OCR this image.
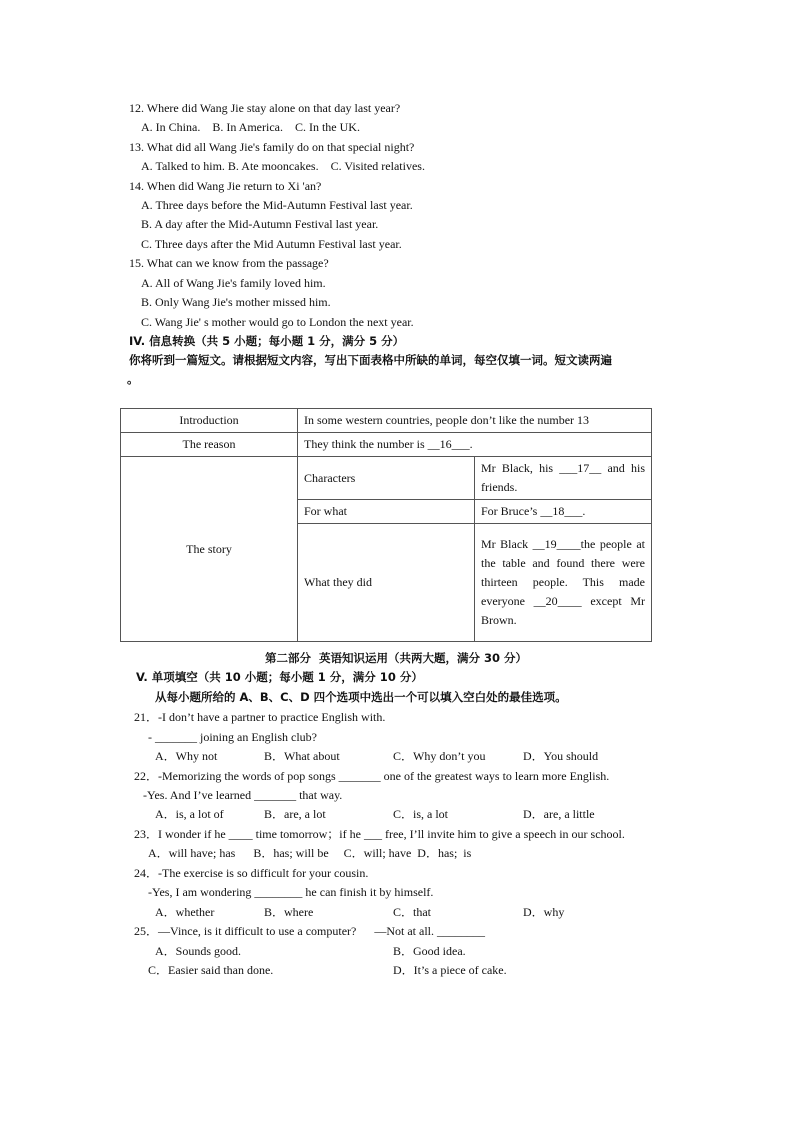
12. Where did Wang Jie stay alone on that day last year?
A. In China.    B. In America.    C. In the UK.
13. What did all Wang Jie's family do on that special night?
A. Talked to him. B. Ate mooncakes.    C. Visited relatives.
14. When did Wang Jie return to Xi 'an?
A. Three days before the Mid-Autumn Festival last year.
B. A day after the Mid-Autumn Festival last year.
C. Three days after the Mid Autumn Festival last year.
15. What can we know from the passage?
A. All of Wang Jie's family loved him.
B. Only Wang Jie's mother missed him.
C. Wang Jie' s mother would go to London the next year.
IV. 信息转换（共 5 小题；每小题 1 分，满分 5 分）
你将听到一篇短文。请根据短文内容，写出下面表格中所缺的单词，每空仅填一词。短文读两遍
。
Introduction	In some western countries, people don’t like the number 13	
The reason	They think the number is __16___.	
The story	Characters	Mr Black, his ___17__ and his friends.
	For what	For Bruce’s __18___.
	What they did	Mr Black __19____the people at the table and found there were thirteen people. This made everyone __20____ except Mr Brown.
第二部分  英语知识运用（共两大题，满分 30 分）
V. 单项填空（共 10 小题；每小题 1 分，满分 10 分）
从每小题所给的 A、B、C、D 四个选项中选出一个可以填入空白处的最佳选项。
21．-I don’t have a partner to practice English with.
- _______ joining an English club?
A．Why not	B．What about	C．Why don’t you	D．You should
22．-Memorizing the words of pop songs _______ one of the greatest ways to learn more English.
-Yes. And I’ve learned _______ that way.
A．is, a lot of	B．are, a lot	C．is, a lot	D．are, a little
23．I wonder if he ____ time tomorrow；if he ___ free, I’ll invite him to give a speech in our school.
A．will have; has      B．has; will be     C．will; have  D．has;  is
24．-The exercise is so difficult for your cousin.
-Yes, I am wondering ________ he can finish it by himself.
A．whether	B．where	C．that	D．why
25．—Vince, is it difficult to use a computer?      —Not at all. ________
A．Sounds good.	B．Good idea.
C．Easier said than done.	D．It’s a piece of cake.
